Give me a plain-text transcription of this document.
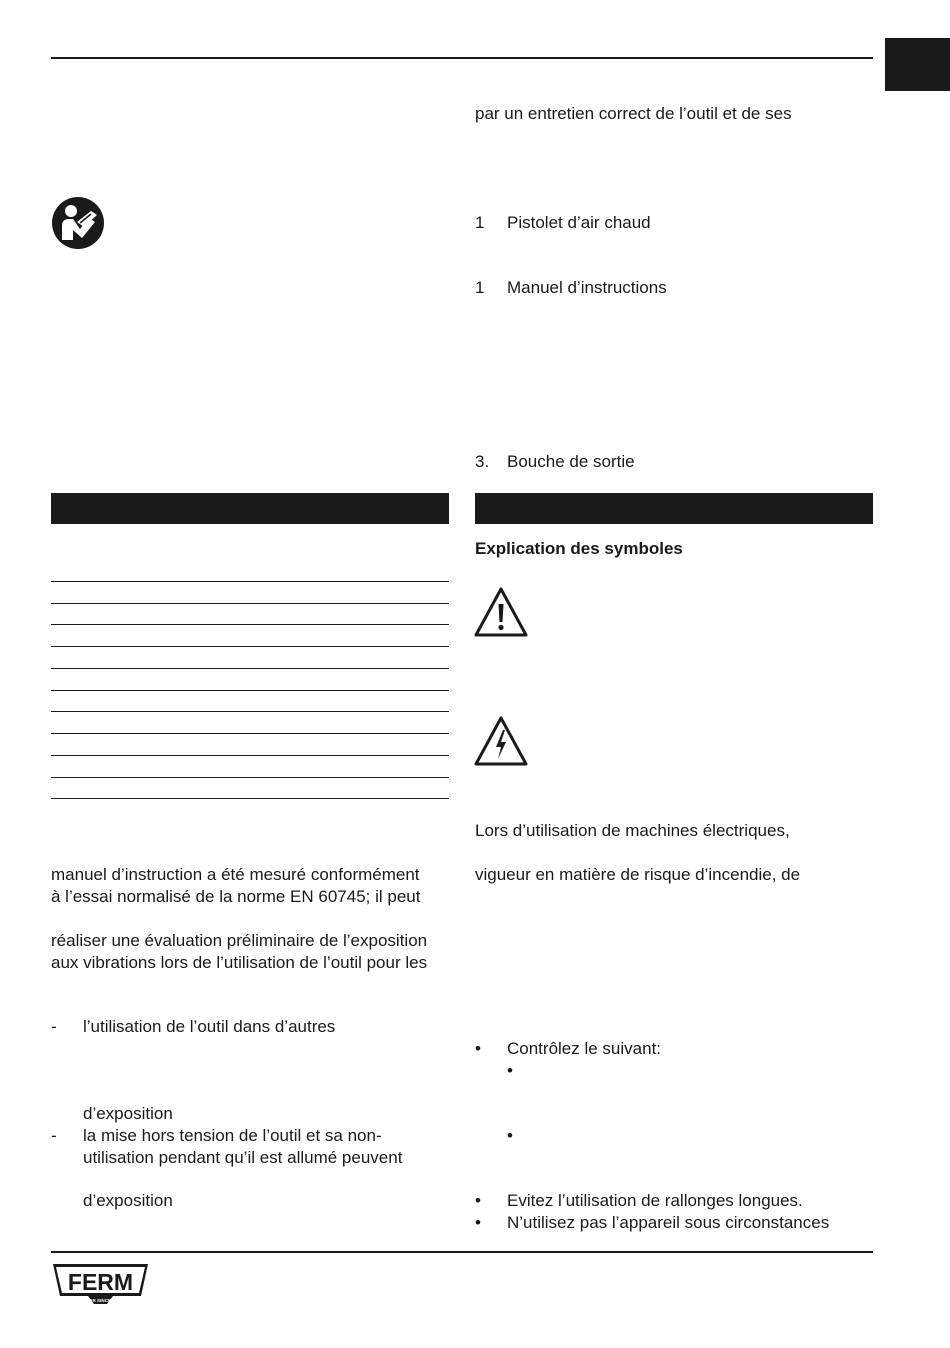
manuel d’instruction a été mesuré conformément
à l’essai normalisé de la norme EN 60745; il peut
réaliser une évaluation préliminaire de l’exposition
aux vibrations lors de l’utilisation de l’outil pour les
- l’utilisation de l’outil dans d’autres
d’exposition
- la mise hors tension de l’outil et sa non-
utilisation pendant qu’il est allumé peuvent
d’exposition
par un entretien correct de l’outil et de ses
1 Pistolet d’air chaud
1 Manuel d’instructions
3. Bouche de sortie
Explication des symboles
Lors d’utilisation de machines électriques,
vigueur en matière de risque d’incendie, de
• Contrôlez le suivant:
•
•
• Evitez l’utilisation de rallonges longues.
• N’utilisez pas l’appareil sous circonstances
FERM
POWER SINCE 1949
